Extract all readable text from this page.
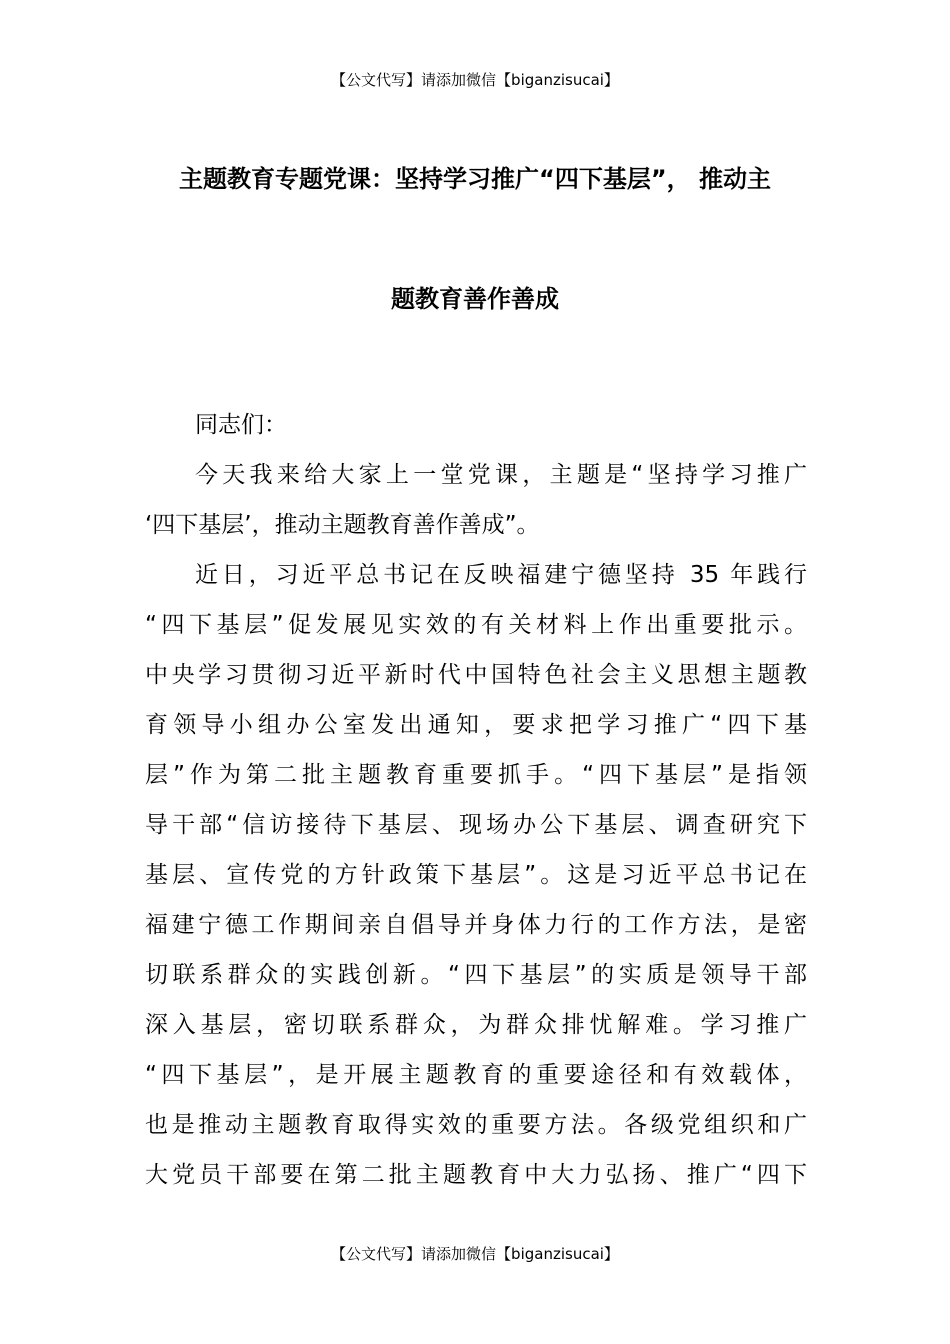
【公文代写】请添加微信【biganzisucai】
主题教育专题党课：坚持学习推广“四下基层”， 推动主
题教育善作善成
同志们：
今天我来给大家上一堂党课，主题是“坚持学习推广
‘四下基层’，推动主题教育善作善成”。
近日，习近平总书记在反映福建宁德坚持 35 年践行
“四下基层”促发展见实效的有关材料上作出重要批示。
中央学习贯彻习近平新时代中国特色社会主义思想主题教
育领导小组办公室发出通知，要求把学习推广“四下基
层”作为第二批主题教育重要抓手。“四下基层”是指领
导干部“信访接待下基层、现场办公下基层、调查研究下
基层、宣传党的方针政策下基层”。这是习近平总书记在
福建宁德工作期间亲自倡导并身体力行的工作方法，是密
切联系群众的实践创新。“四下基层”的实质是领导干部
深入基层，密切联系群众，为群众排忧解难。学习推广
“四下基层”，是开展主题教育的重要途径和有效载体，
也是推动主题教育取得实效的重要方法。各级党组织和广
大党员干部要在第二批主题教育中大力弘扬、推广“四下
【公文代写】请添加微信【biganzisucai】
